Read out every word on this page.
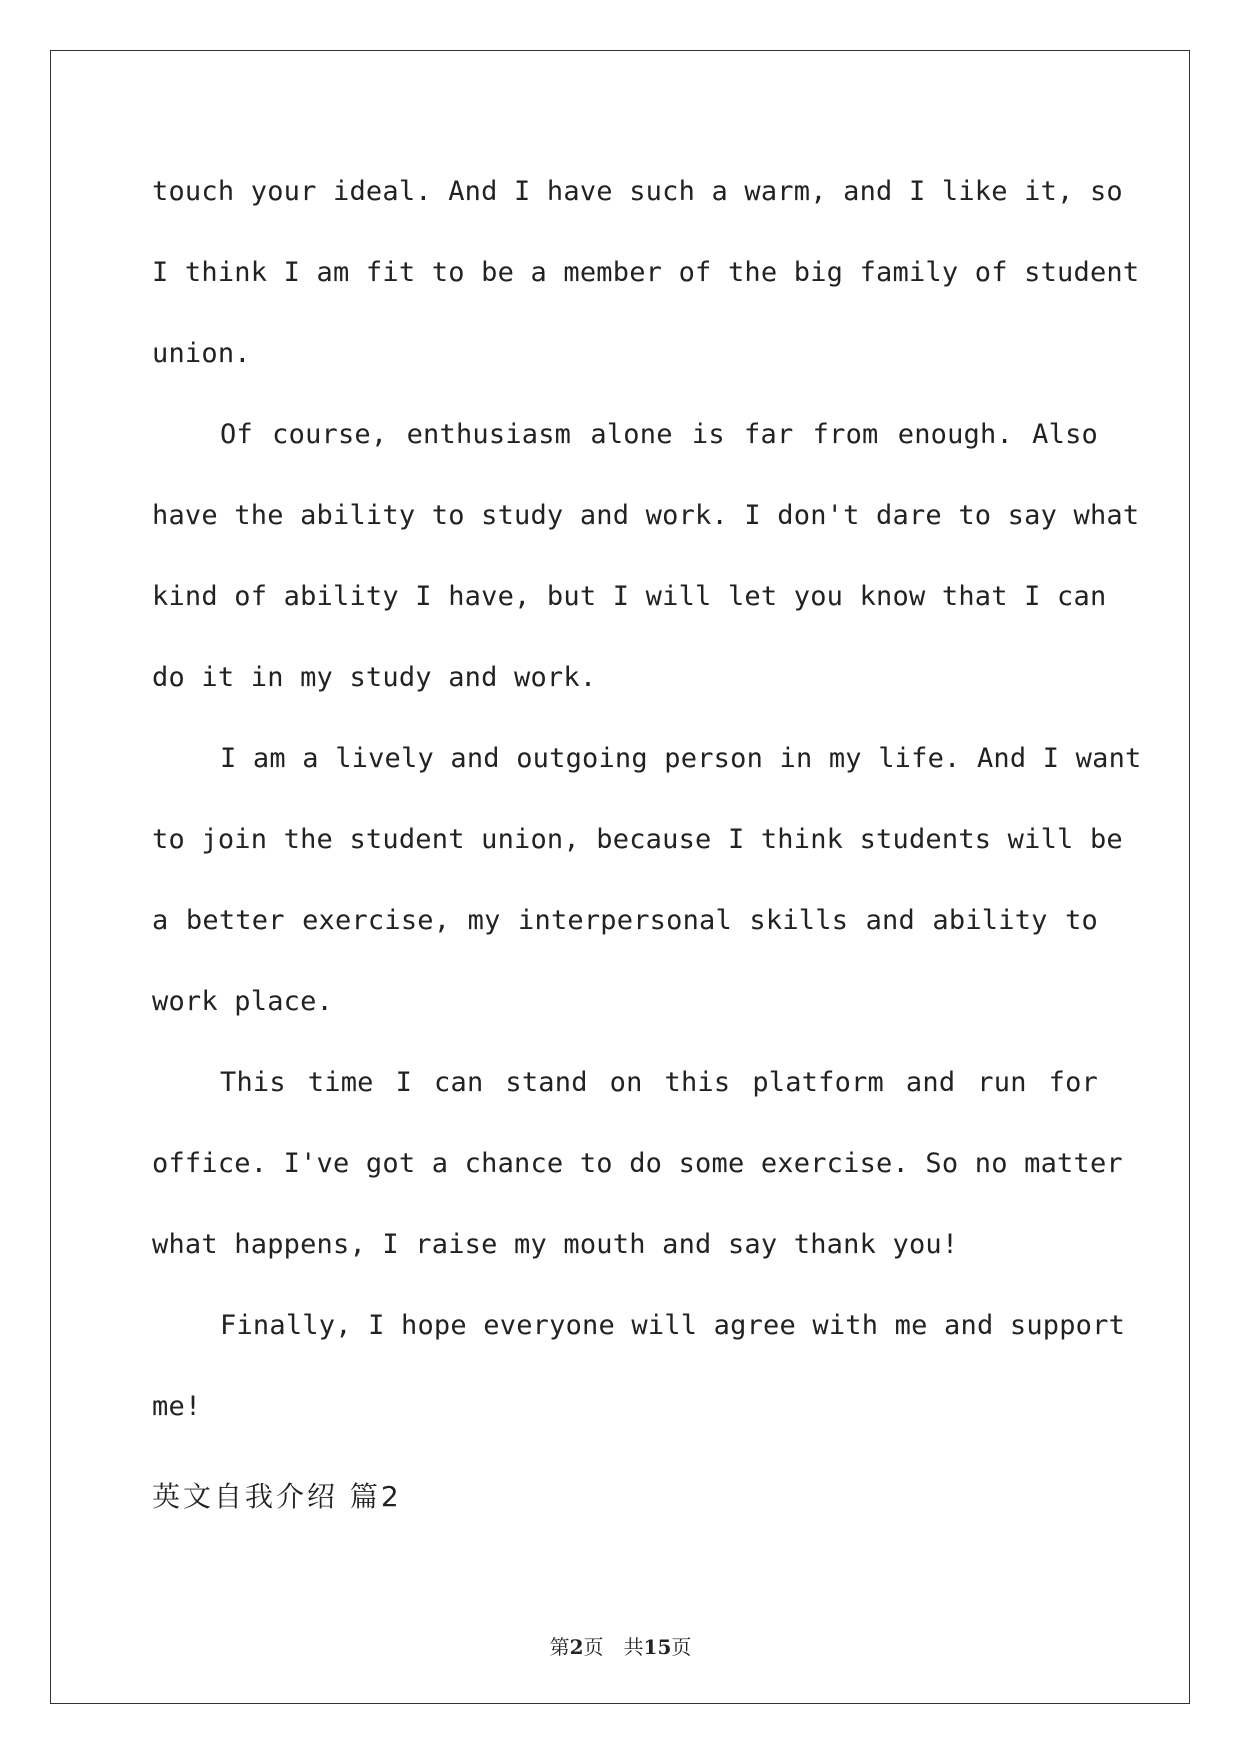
touch your ideal. And I have such a warm, and I like it, so
I think I am fit to be a member of the big family of student
union.
Of course, enthusiasm alone is far from enough. Also
have the ability to study and work. I don't dare to say what
kind of ability I have, but I will let you know that I can
do it in my study and work.
I am a lively and outgoing person in my life. And I want
to join the student union, because I think students will be
a better exercise, my interpersonal skills and ability to
work place.
This time I can stand on this platform and run for
office. I've got a chance to do some exercise. So no matter
what happens, I raise my mouth and say thank you!
Finally, I hope everyone will agree with me and support
me!
英文自我介绍 篇2
第2页 共15页
